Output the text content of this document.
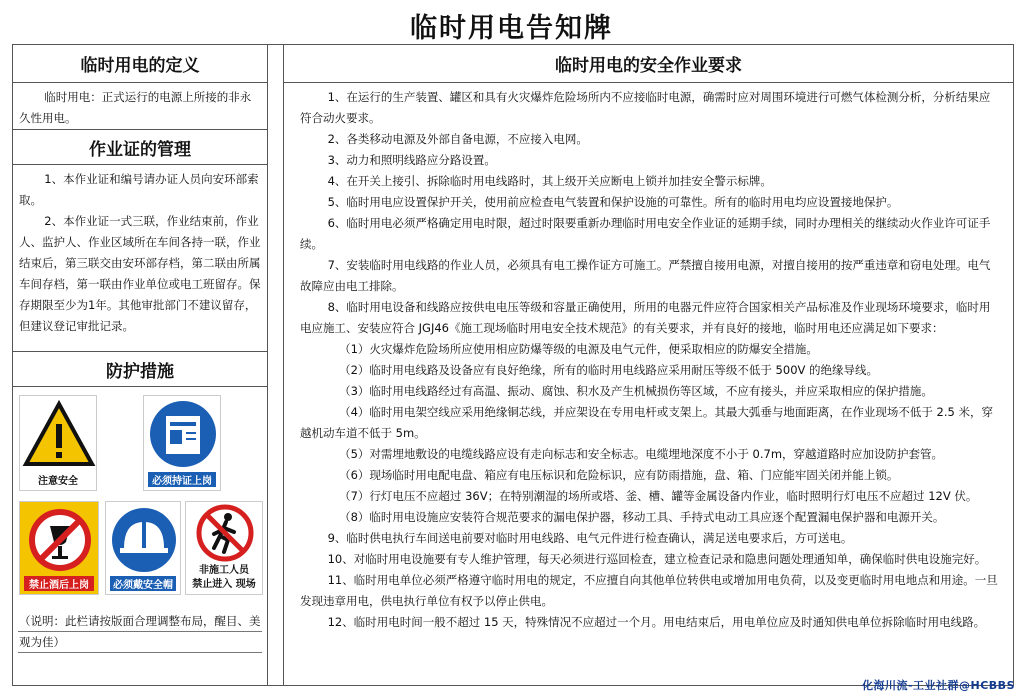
临时用电告知牌
临时用电的定义
临时用电：正式运行的电源上所接的非永久性用电。
作业证的管理
1、本作业证和编号请办证人员向安环部索取。
2、本作业证一式三联，作业结束前，作业人、监护人、作业区域所在车间各持一联，作业结束后，第三联交由安环部存档，第二联由所属车间存档，第一联由作业单位或电工班留存。保存期限至少为1年。其他审批部门不建议留存，但建议登记审批记录。
防护措施
注意安全	必须持证上岗
禁止酒后上岗	必须戴安全帽
非施工人员
禁止进入 现场
（说明：此栏请按版面合理调整布局，醒目、美观为佳）
临时用电的安全作业要求
1、在运行的生产装置、罐区和具有火灾爆炸危险场所内不应接临时电源，确需时应对周围环境进行可燃气体检测分析，分析结果应符合动火要求。
2、各类移动电源及外部自备电源，不应接入电网。
3、动力和照明线路应分路设置。
4、在开关上接引、拆除临时用电线路时，其上级开关应断电上锁并加挂安全警示标牌。
5、临时用电应设置保护开关，使用前应检查电气装置和保护设施的可靠性。所有的临时用电均应设置接地保护。
6、临时用电必须严格确定用电时限，超过时限要重新办理临时用电安全作业证的延期手续，同时办理相关的继续动火作业许可证手续。
7、安装临时用电线路的作业人员，必须具有电工操作证方可施工。严禁擅自接用电源，对擅自接用的按严重违章和窃电处理。电气故障应由电工排除。
8、临时用电设备和线路应按供电电压等级和容量正确使用，所用的电器元件应符合国家相关产品标准及作业现场环境要求，临时用电应施工、安装应符合 JGJ46《施工现场临时用电安全技术规范》的有关要求，并有良好的接地，临时用电还应满足如下要求：
（1）火灾爆炸危险场所应使用相应防爆等级的电源及电气元件，便采取相应的防爆安全措施。
（2）临时用电线路及设备应有良好绝缘，所有的临时用电线路应采用耐压等级不低于 500V 的绝缘导线。
（3）临时用电线路经过有高温、振动、腐蚀、积水及产生机械损伤等区域，不应有接头，并应采取相应的保护措施。
（4）临时用电架空线应采用绝缘铜芯线，并应架设在专用电杆或支架上。其最大弧垂与地面距离，在作业现场不低于 2.5 米，穿越机动车道不低于 5m。
（5）对需埋地敷设的电缆线路应设有走向标志和安全标志。电缆埋地深度不小于 0.7m，穿越道路时应加设防护套管。
（6）现场临时用电配电盘、箱应有电压标识和危险标识，应有防雨措施，盘、箱、门应能牢固关闭并能上锁。
（7）行灯电压不应超过 36V；在特别潮湿的场所或塔、釜、槽、罐等金属设备内作业，临时照明行灯电压不应超过 12V 伏。
（8）临时用电设施应安装符合规范要求的漏电保护器，移动工具、手持式电动工具应逐个配置漏电保护器和电源开关。
9、临时供电执行车间送电前要对临时用电线路、电气元件进行检查确认，满足送电要求后，方可送电。
10、对临时用电设施要有专人维护管理，每天必须进行巡回检查，建立检查记录和隐患问题处理通知单，确保临时供电设施完好。
11、临时用电单位必须严格遵守临时用电的规定，不应擅自向其他单位转供电或增加用电负荷，以及变更临时用电地点和用途。一旦发现违章用电，供电执行单位有权予以停止供电。
12、临时用电时间一般不超过 15 天，特殊情况不应超过一个月。用电结束后，用电单位应及时通知供电单位拆除临时用电线路。
化海川流-工业社群@HCBBS
